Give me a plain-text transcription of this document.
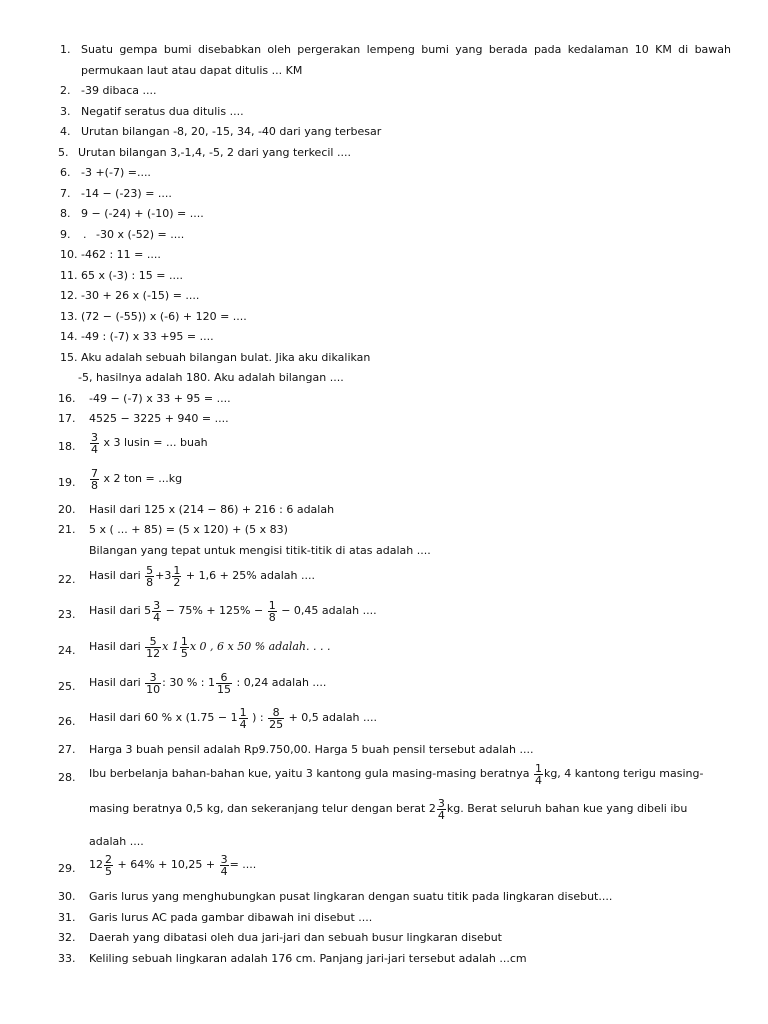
1. Suatu gempa bumi disebabkan oleh pergerakan lempeng bumi yang berada pada kedalaman 10 KM di bawah
permukaan laut atau dapat ditulis ... KM
2. -39 dibaca ....
3. Negatif seratus dua ditulis ....
4. Urutan bilangan -8, 20, -15, 34, -40 dari yang terbesar
5. Urutan bilangan 3,-1,4, -5, 2 dari yang terkecil ....
6. -3 +(-7) =....
7. -14 − (-23) = ....
8. 9 − (-24) + (-10) = ....
9. . -30 x (-52) = ....
10. -462 : 11 = ....
11. 65 x (-3) : 15 = ....
12. -30 + 26 x (-15) = ....
13. (72 − (-55)) x (-6) + 120 = ....
14. -49 : (-7) x 33 +95 = ....
15. Aku adalah sebuah bilangan bulat. Jika aku dikalikan
-5, hasilnya adalah 180. Aku adalah bilangan ....
16. -49 − (-7) x 33 + 95 = ....
17. 4525 − 3225 + 940 = ....
18. $\frac{3}{4}$ x 3 lusin = ... buah
19. $\frac{7}{8}$ x 2 ton = ...kg
20. Hasil dari 125 x (214 − 86) + 216 : 6 adalah
21. 5 x ( ... + 85) = (5 x 120) + (5 x 83)
Bilangan yang tepat untuk mengisi titik-titik di atas adalah ....
22. Hasil dari $\frac{5}{8} +3 \frac{1}{2} + 1,6 + 25\%$ adalah ....
23. Hasil dari $5 \frac{3}{4} - 75\% + 125\% - \frac{1}{8} - 0,45$ adalah ....
24. Hasil dari $\frac{5}{12}$ x $1 \frac{1}{5}$ x 0 , 6 x 50 % adalah. . . .
25. Hasil dari $\frac{3}{10}$ : 30 % : $1 \frac{6}{15}$ : 0,24 adalah ....
26. Hasil dari 60 % x ($1.75 - 1 \frac{1}{4}$ ) : $\frac{8}{25} + 0,5$ adalah ....
27. Harga 3 buah pensil adalah Rp9.750,00. Harga 5 buah pensil tersebut adalah ....
28. Ibu berbelanja bahan-bahan kue, yaitu 3 kantong gula masing-masing beratnya $\frac{1}{4}$ kg, 4 kantong terigu masing-
masing beratnya 0,5 kg, dan sekeranjang telur dengan berat $2 \frac{3}{4}$ kg. Berat seluruh bahan kue yang dibeli ibu
adalah ....
29. $12 \frac{2}{5} + 64\% + 10,25 + \frac{3}{4}$ = ....
30. Garis lurus yang menghubungkan pusat lingkaran dengan suatu titik pada lingkaran disebut....
31. Garis lurus AC pada gambar dibawah ini disebut ....
32. Daerah yang dibatasi oleh dua jari-jari dan sebuah busur lingkaran disebut
33. Keliling sebuah lingkaran adalah 176 cm. Panjang jari-jari tersebut adalah ...cm
